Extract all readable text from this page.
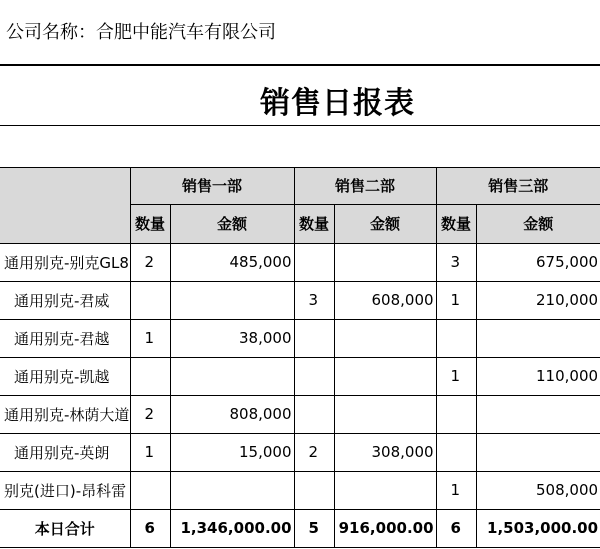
公司名称：合肥中能汽车有限公司
销售日报表
	销售一部		销售二部		销售三部	
	数量	金额	数量	金额	数量	金额
通用别克-别克GL8	2	485,000			3	675,000
通用别克-君威			3	608,000	1	210,000
通用别克-君越	1	38,000				
通用别克-凯越					1	110,000
通用别克-林荫大道	2	808,000				
通用别克-英朗	1	15,000	2	308,000		
别克(进口)-昂科雷					1	508,000
本日合计	6	1,346,000.00	5	916,000.00	6	1,503,000.00
